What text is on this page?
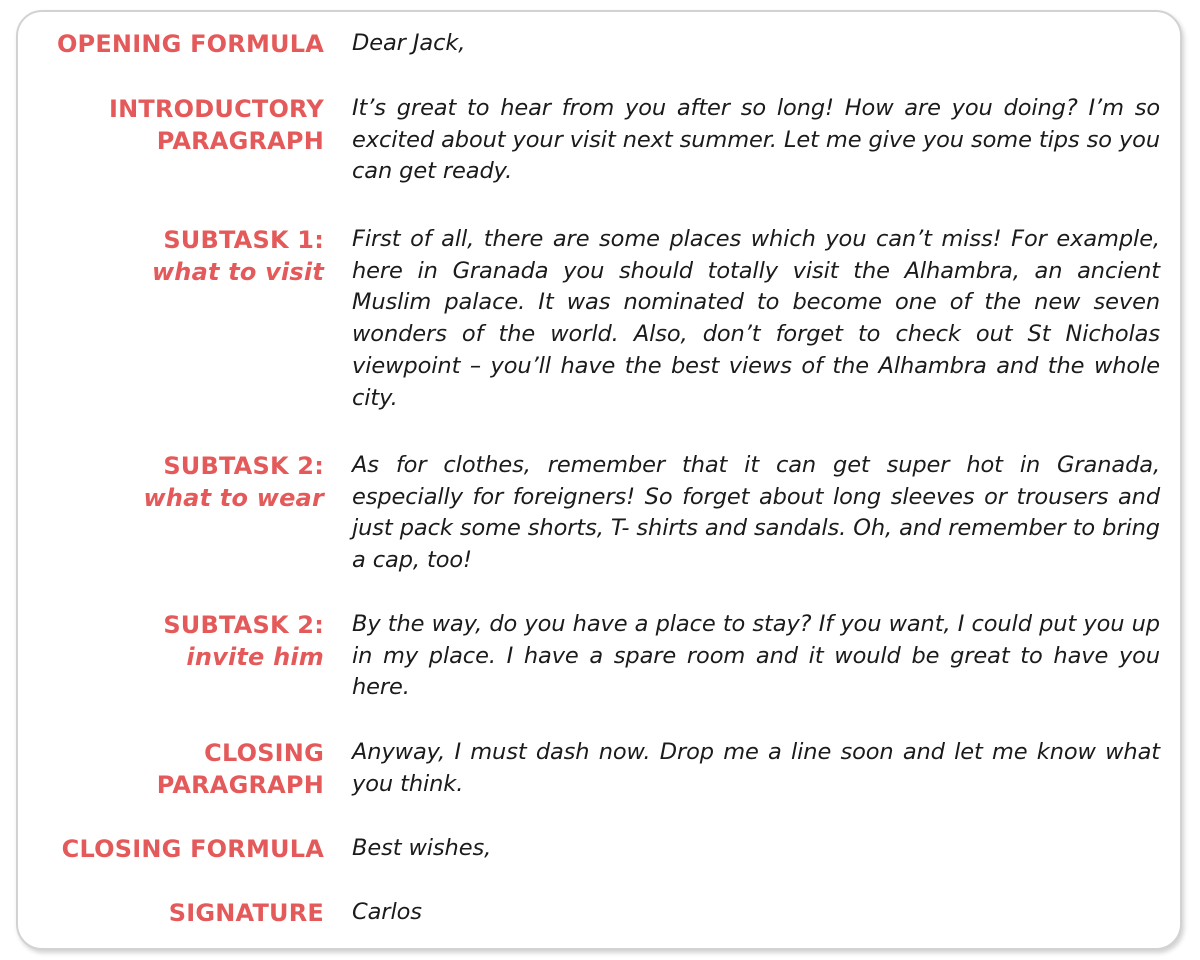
OPENING FORMULA Dear Jack,
INTRODUCTORY
PARAGRAPH
It’s great to hear from you after so long! How are you doing? I’m so excited about your visit next summer. Let me give you some tips so you can get ready.
SUBTASK 1:
what to visit
First of all, there are some places which you can’t miss! For example, here in Granada you should totally visit the Alhambra, an ancient Muslim palace. It was nominated to become one of the new seven wonders of the world. Also, don’t forget to check out St Nicholas viewpoint – you’ll have the best views of the Alhambra and the whole city.
SUBTASK 2:
what to wear
As for clothes, remember that it can get super hot in Granada, especially for foreigners! So forget about long sleeves or trousers and just pack some shorts, T- shirts and sandals. Oh, and remember to bring a cap, too!
SUBTASK 2:
invite him
By the way, do you have a place to stay? If you want, I could put you up in my place. I have a spare room and it would be great to have you here.
CLOSING
PARAGRAPH
Anyway, I must dash now. Drop me a line soon and let me know what you think.
CLOSING FORMULA Best wishes,
SIGNATURE Carlos
